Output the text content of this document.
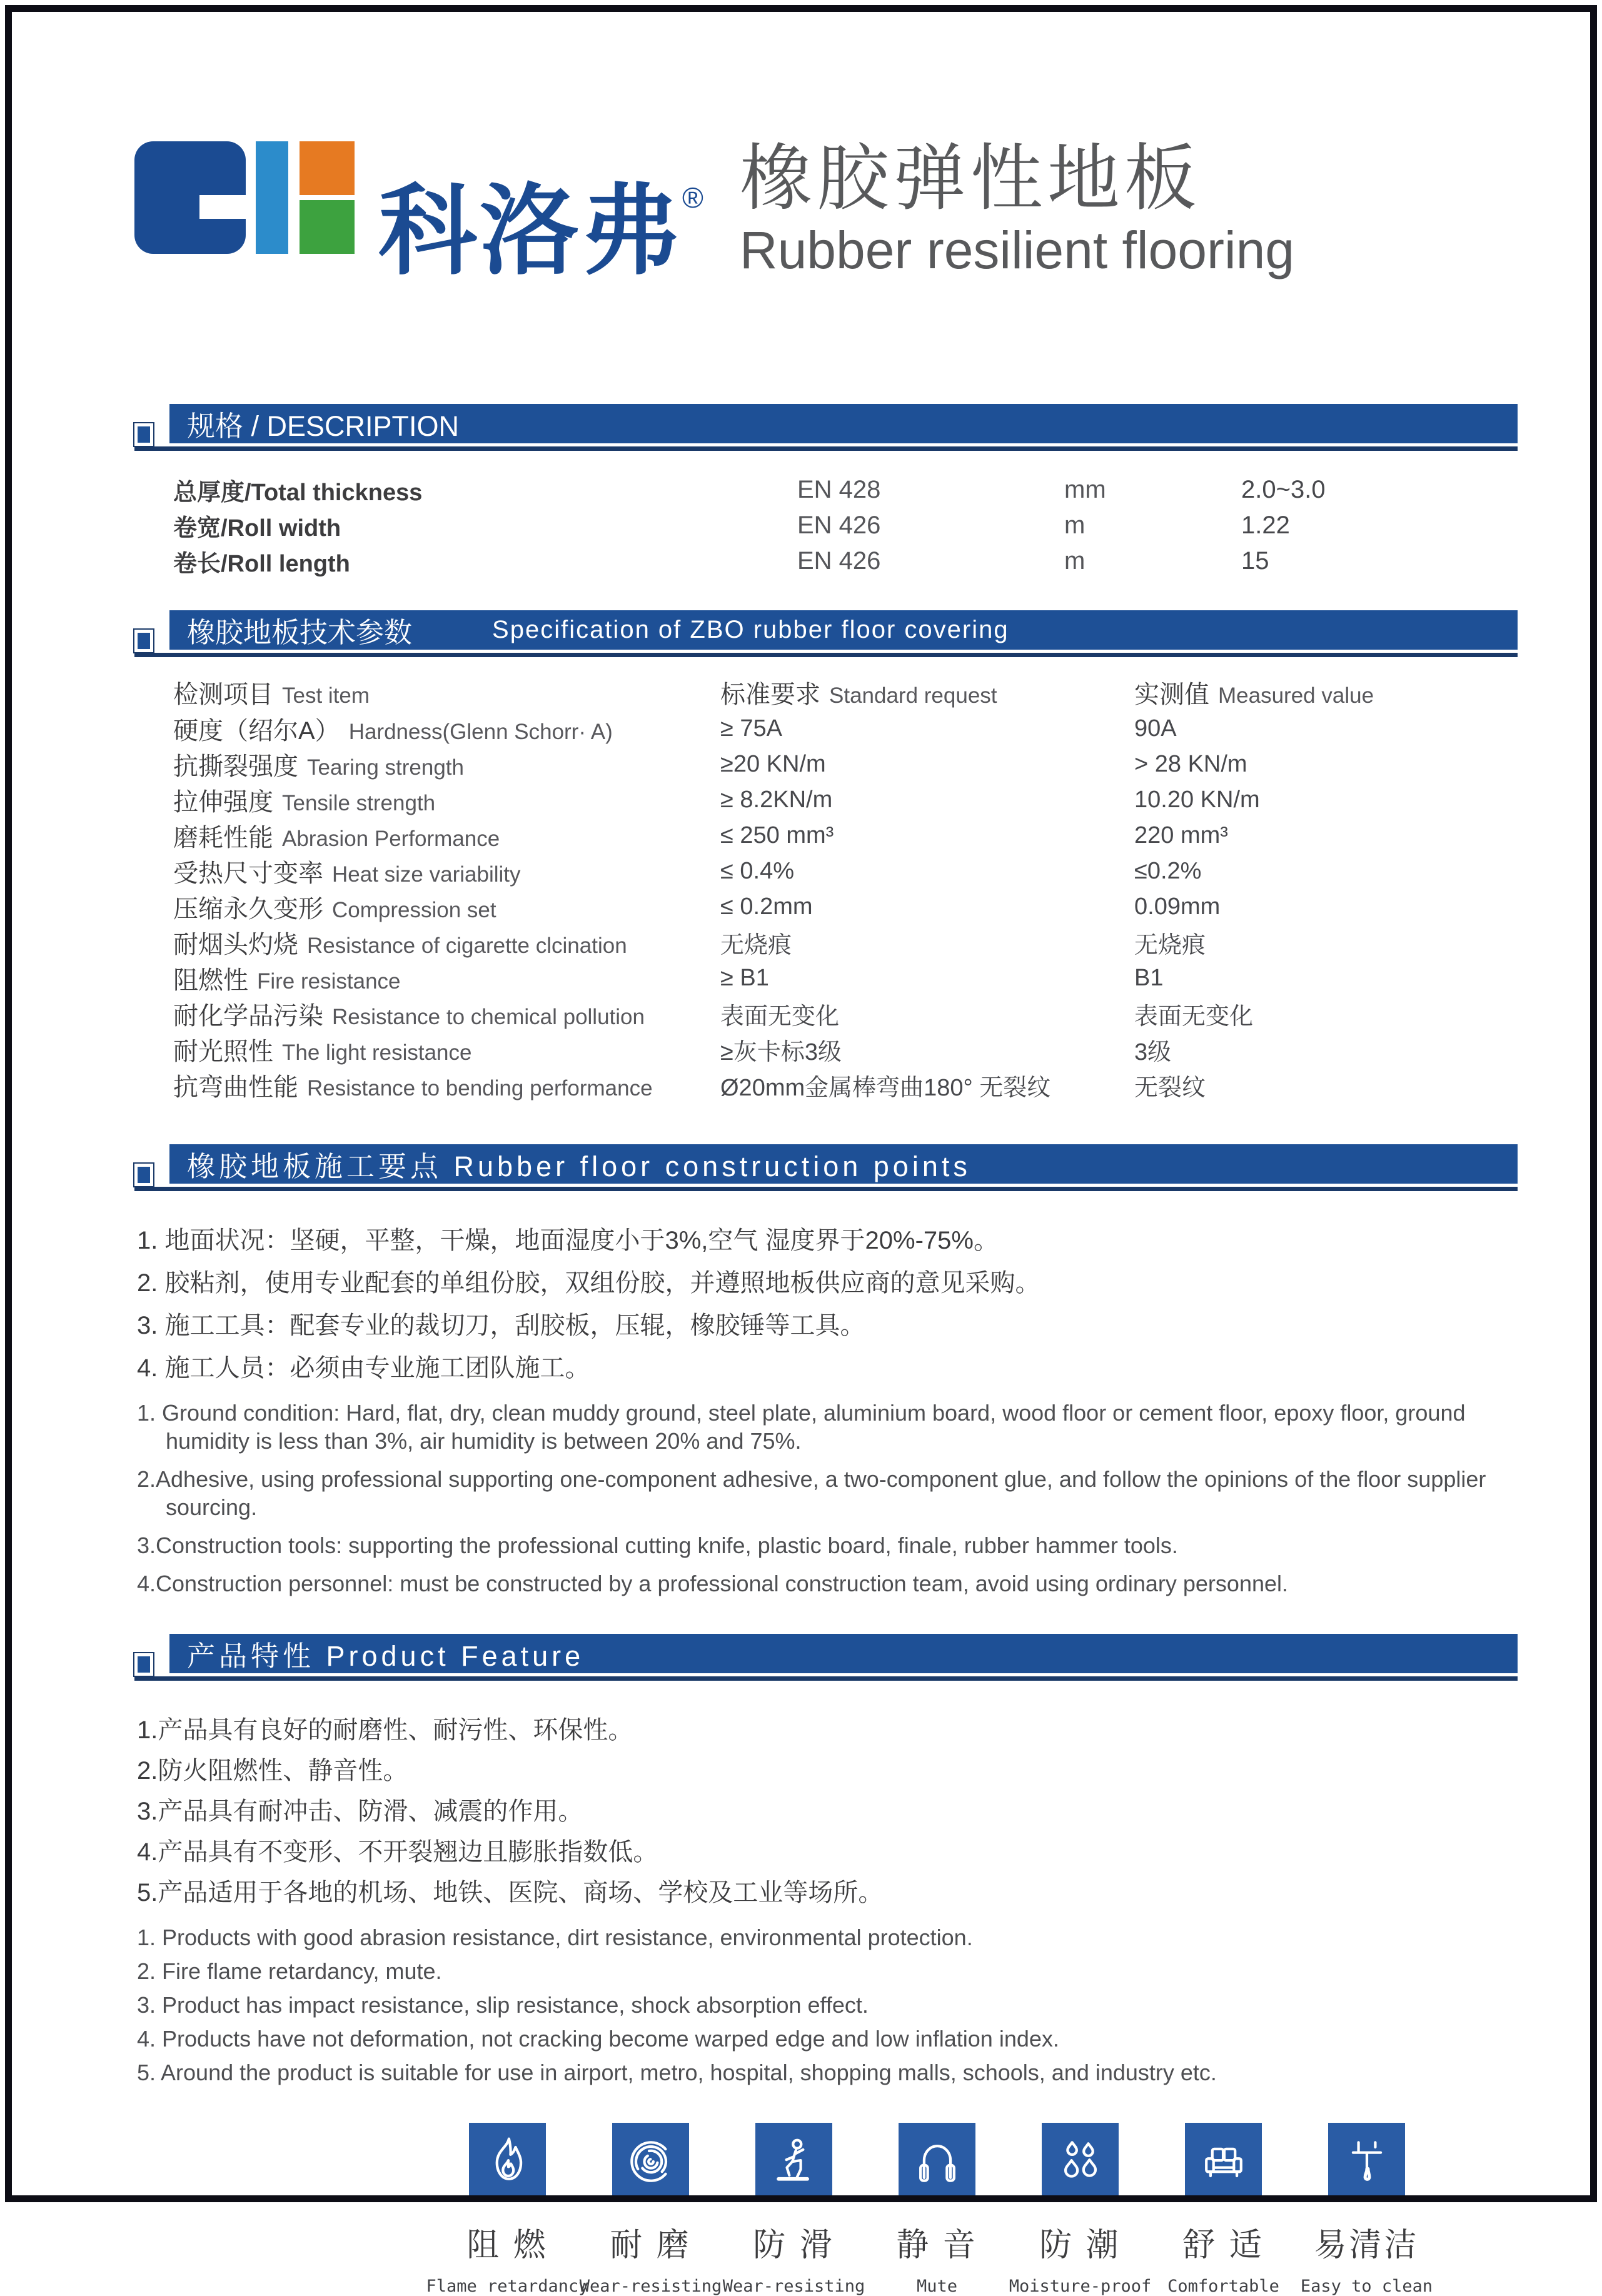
科洛弗® 橡胶弹性地板
Rubber resilient flooring
规格 / DESCRIPTION
总厚度/Total thickness	EN 428	mm	2.0~3.0
卷宽/Roll width	EN 426	m	1.22
卷长/Roll length	EN 426	m	15
橡胶地板技术参数	Specification of ZBO rubber floor covering
检测项目 Test item	标准要求 Standard request	实测值 Measured value
硬度（绍尔A） Hardness(Glenn Schorr· A)	≥ 75A	90A
抗撕裂强度 Tearing strength	≥20 KN/m	> 28 KN/m
拉伸强度 Tensile strength	≥ 8.2KN/m	10.20 KN/m
磨耗性能 Abrasion Performance	≤ 250 mm³	220 mm³
受热尺寸变率 Heat size variability	≤ 0.4%	≤0.2%
压缩永久变形 Compression set	≤ 0.2mm	0.09mm
耐烟头灼烧 Resistance of cigarette clcination	无烧痕	无烧痕
阻燃性 Fire resistance	≥ B1	B1
耐化学品污染 Resistance to chemical pollution	表面无变化	表面无变化
耐光照性 The light resistance	≥灰卡标3级	3级
抗弯曲性能 Resistance to bending performance	Ø20mm金属棒弯曲180° 无裂纹	无裂纹
橡胶地板施工要点 Rubber floor construction points
1. 地面状况：坚硬，平整，干燥，地面湿度小于3%,空气 湿度界于20%-75%。
2. 胶粘剂，使用专业配套的单组份胶，双组份胶，并遵照地板供应商的意见采购。
3. 施工工具：配套专业的裁切刀，刮胶板，压辊，橡胶锤等工具。
4. 施工人员：必须由专业施工团队施工。
1. Ground condition: Hard, flat, dry, clean muddy ground, steel plate, aluminium board, wood floor or cement floor, epoxy floor, ground humidity is less than 3%, air humidity is between 20% and 75%.
2.Adhesive, using professional supporting one-component adhesive, a two-component glue, and follow the opinions of the floor supplier sourcing.
3.Construction tools: supporting the professional cutting knife, plastic board, finale, rubber hammer tools.
4.Construction personnel: must be constructed by a professional construction team, avoid using ordinary personnel.
产品特性 Product Feature
1.产品具有良好的耐磨性、耐污性、环保性。
2.防火阻燃性、静音性。
3.产品具有耐冲击、防滑、减震的作用。
4.产品具有不变形、不开裂翘边且膨胀指数低。
5.产品适用于各地的机场、地铁、医院、商场、学校及工业等场所。
1. Products with good abrasion resistance, dirt resistance, environmental protection.
2. Fire flame retardancy, mute.
3. Product has impact resistance, slip resistance, shock absorption effect.
4. Products have not deformation, not cracking become warped edge and low inflation index.
5. Around the product is suitable for use in airport, metro, hospital, shopping malls, schools, and industry etc.
阻 燃
Flame retardancy
耐 磨
Wear-resisting
防 滑
Wear-resisting
静 音
Mute
防 潮
Moisture-proof
舒 适
Comfortable
易清洁
Easy to clean
